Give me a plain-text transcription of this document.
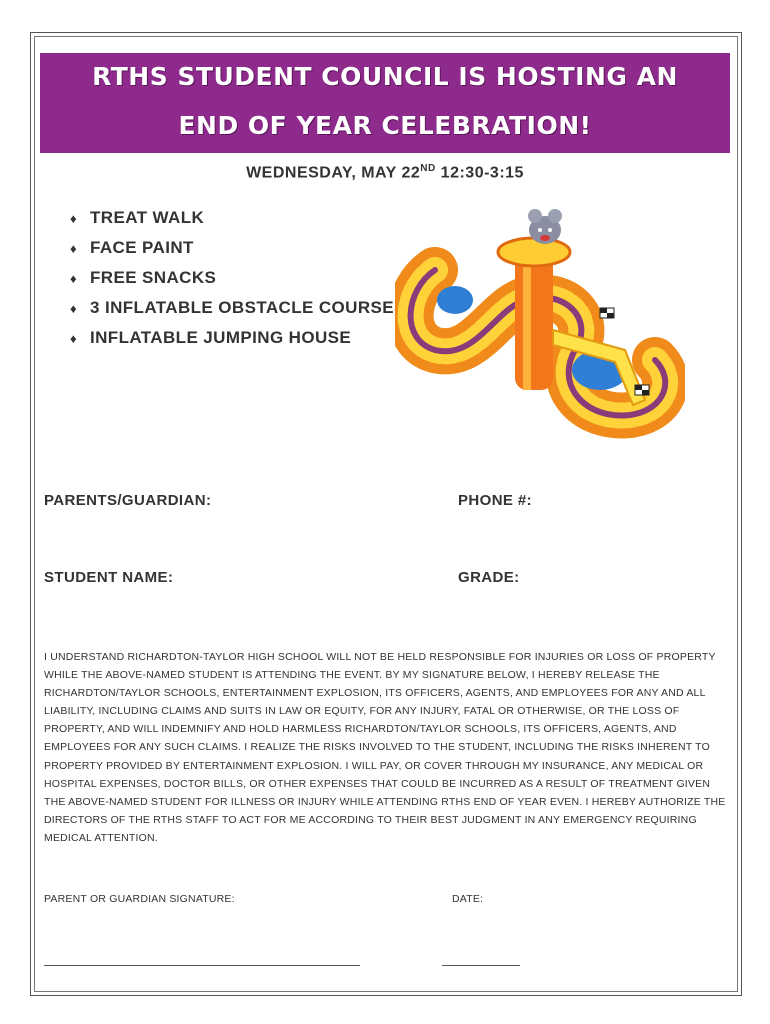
RTHS STUDENT COUNCIL IS HOSTING AN
END OF YEAR CELEBRATION!
WEDNESDAY, MAY 22ND 12:30-3:15
♦ TREAT WALK
♦ FACE PAINT
♦ FREE SNACKS
♦ 3 INFLATABLE OBSTACLE COURSES
♦ INFLATABLE JUMPING HOUSE
PARENTS/GUARDIAN:	PHONE #:
STUDENT NAME:	GRADE:
I UNDERSTAND RICHARDTON-TAYLOR HIGH SCHOOL WILL NOT BE HELD RESPONSIBLE FOR INJURIES OR LOSS OF PROPERTY WHILE THE ABOVE-NAMED STUDENT IS ATTENDING THE EVENT. BY MY SIGNATURE BELOW, I HEREBY RELEASE THE RICHARDTON/TAYLOR SCHOOLS, ENTERTAINMENT EXPLOSION, ITS OFFICERS, AGENTS, AND EMPLOYEES FOR ANY AND ALL LIABILITY, INCLUDING CLAIMS AND SUITS IN LAW OR EQUITY, FOR ANY INJURY, FATAL OR OTHERWISE, OR THE LOSS OF PROPERTY, AND WILL INDEMNIFY AND HOLD HARMLESS RICHARDTON/TAYLOR SCHOOLS, ITS OFFICERS, AGENTS, AND EMPLOYEES FOR ANY SUCH CLAIMS. I REALIZE THE RISKS INVOLVED TO THE STUDENT, INCLUDING THE RISKS INHERENT TO PROPERTY PROVIDED BY ENTERTAINMENT EXPLOSION. I WILL PAY, OR COVER THROUGH MY INSURANCE, ANY MEDICAL OR HOSPITAL EXPENSES, DOCTOR BILLS, OR OTHER EXPENSES THAT COULD BE INCURRED AS A RESULT OF TREATMENT GIVEN THE ABOVE-NAMED STUDENT FOR ILLNESS OR INJURY WHILE ATTENDING RTHS END OF YEAR EVEN. I HEREBY AUTHORIZE THE DIRECTORS OF THE RTHS STAFF TO ACT FOR ME ACCORDING TO THEIR BEST JUDGMENT IN ANY EMERGENCY REQUIRING MEDICAL ATTENTION.
PARENT OR GUARDIAN SIGNATURE:	DATE:
